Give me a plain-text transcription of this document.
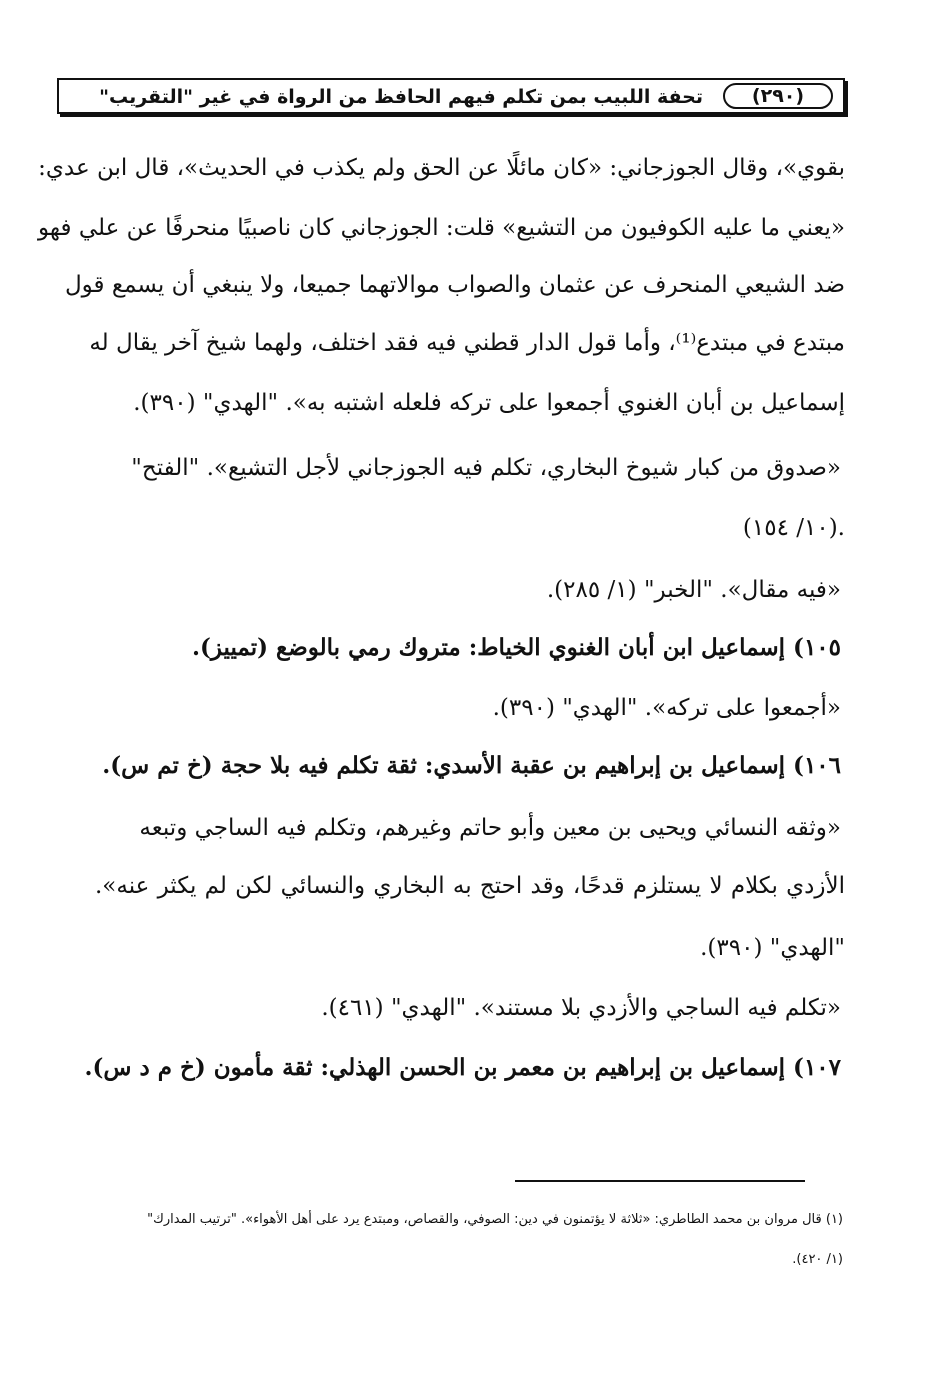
(٢٩٠)
تحفة اللبيب بمن تكلم فيهم الحافظ من الرواة في غير "التقريب"
بقوي»، وقال الجوزجاني: «كان مائلًا عن الحق ولم يكذب في الحديث»، قال ابن عدي:
«يعني ما عليه الكوفيون من التشيع» قلت: الجوزجاني كان ناصبيًا منحرفًا عن علي فهو
ضد الشيعي المنحرف عن عثمان والصواب موالاتهما جميعا، ولا ينبغي أن يسمع قول
مبتدع في مبتدع⁽¹⁾، وأما قول الدار قطني فيه فقد اختلف، ولهما شيخ آخر يقال له
إسماعيل بن أبان الغنوي أجمعوا على تركه فلعله اشتبه به». "الهدي" (٣٩٠).
«صدوق من كبار شيوخ البخاري، تكلم فيه الجوزجاني لأجل التشيع». "الفتح"
(١٠/ ١٥٤).
«فيه مقال». "الخبر" (١/ ٢٨٥).
١٠٥) إسماعيل ابن أبان الغنوي الخياط: متروك رمي بالوضع (تمييز).
«أجمعوا على تركه». "الهدي" (٣٩٠).
١٠٦) إسماعيل بن إبراهيم بن عقبة الأسدي: ثقة تكلم فيه بلا حجة (خ تم س).
«وثقه النسائي ويحيى بن معين وأبو حاتم وغيرهم، وتكلم فيه الساجي وتبعه
الأزدي بكلام لا يستلزم قدحًا، وقد احتج به البخاري والنسائي لكن لم يكثر عنه».
"الهدي" (٣٩٠).
«تكلم فيه الساجي والأزدي بلا مستند». "الهدي" (٤٦١).
١٠٧) إسماعيل بن إبراهيم بن معمر بن الحسن الهذلي: ثقة مأمون (خ م د س).
(١) قال مروان بن محمد الطاطري: «ثلاثة لا يؤتمنون في دين: الصوفي، والقصاص، ومبتدع يرد على أهل الأهواء». "ترتيب المدارك"
(١/ ٤٢٠).
